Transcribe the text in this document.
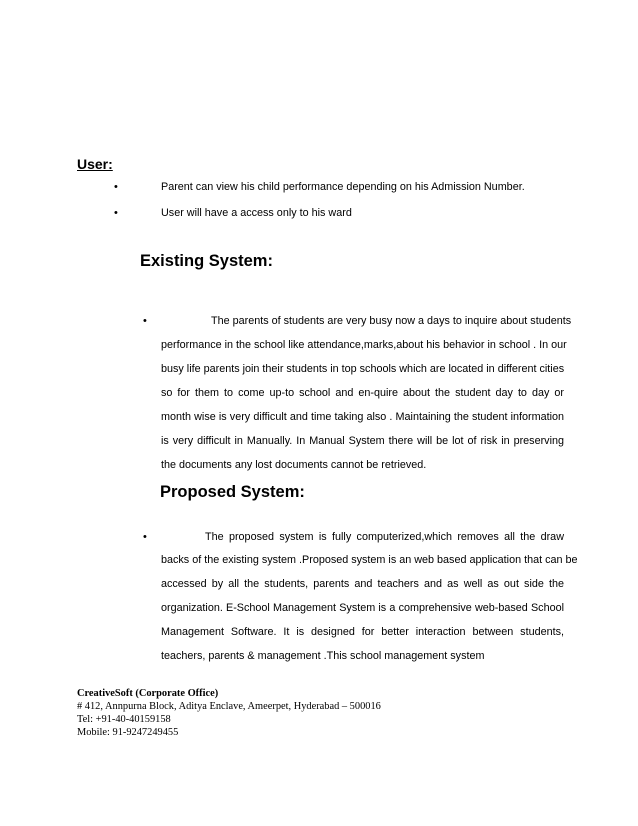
User:
•	Parent can view his child performance depending on his Admission Number.
•	User will have a access only to his ward
Existing System:
•	The parents of students are very busy now a days to inquire about students
performance in the school like attendance,marks,about his behavior in school . In our
busy life parents join their students in top schools which are located in different cities
so for them to come up-to school and en-quire about the student day to day or
month wise is very difficult and time taking also . Maintaining the student information
is very difficult in Manually. In Manual System there will be lot of risk in preserving
the documents any lost documents cannot be retrieved.
Proposed System:
•	The proposed system is fully computerized,which removes all the draw
backs of the existing system .Proposed system is an web based application that can be
accessed by all the students, parents and teachers and as well as out side the
organization. E-School Management System is a comprehensive web-based School
Management Software. It is designed for better interaction between students,
teachers, parents & management .This school management system
CreativeSoft (Corporate Office)
# 412, Annpurna Block, Aditya Enclave, Ameerpet, Hyderabad – 500016
Tel: +91-40-40159158
Mobile: 91-9247249455
